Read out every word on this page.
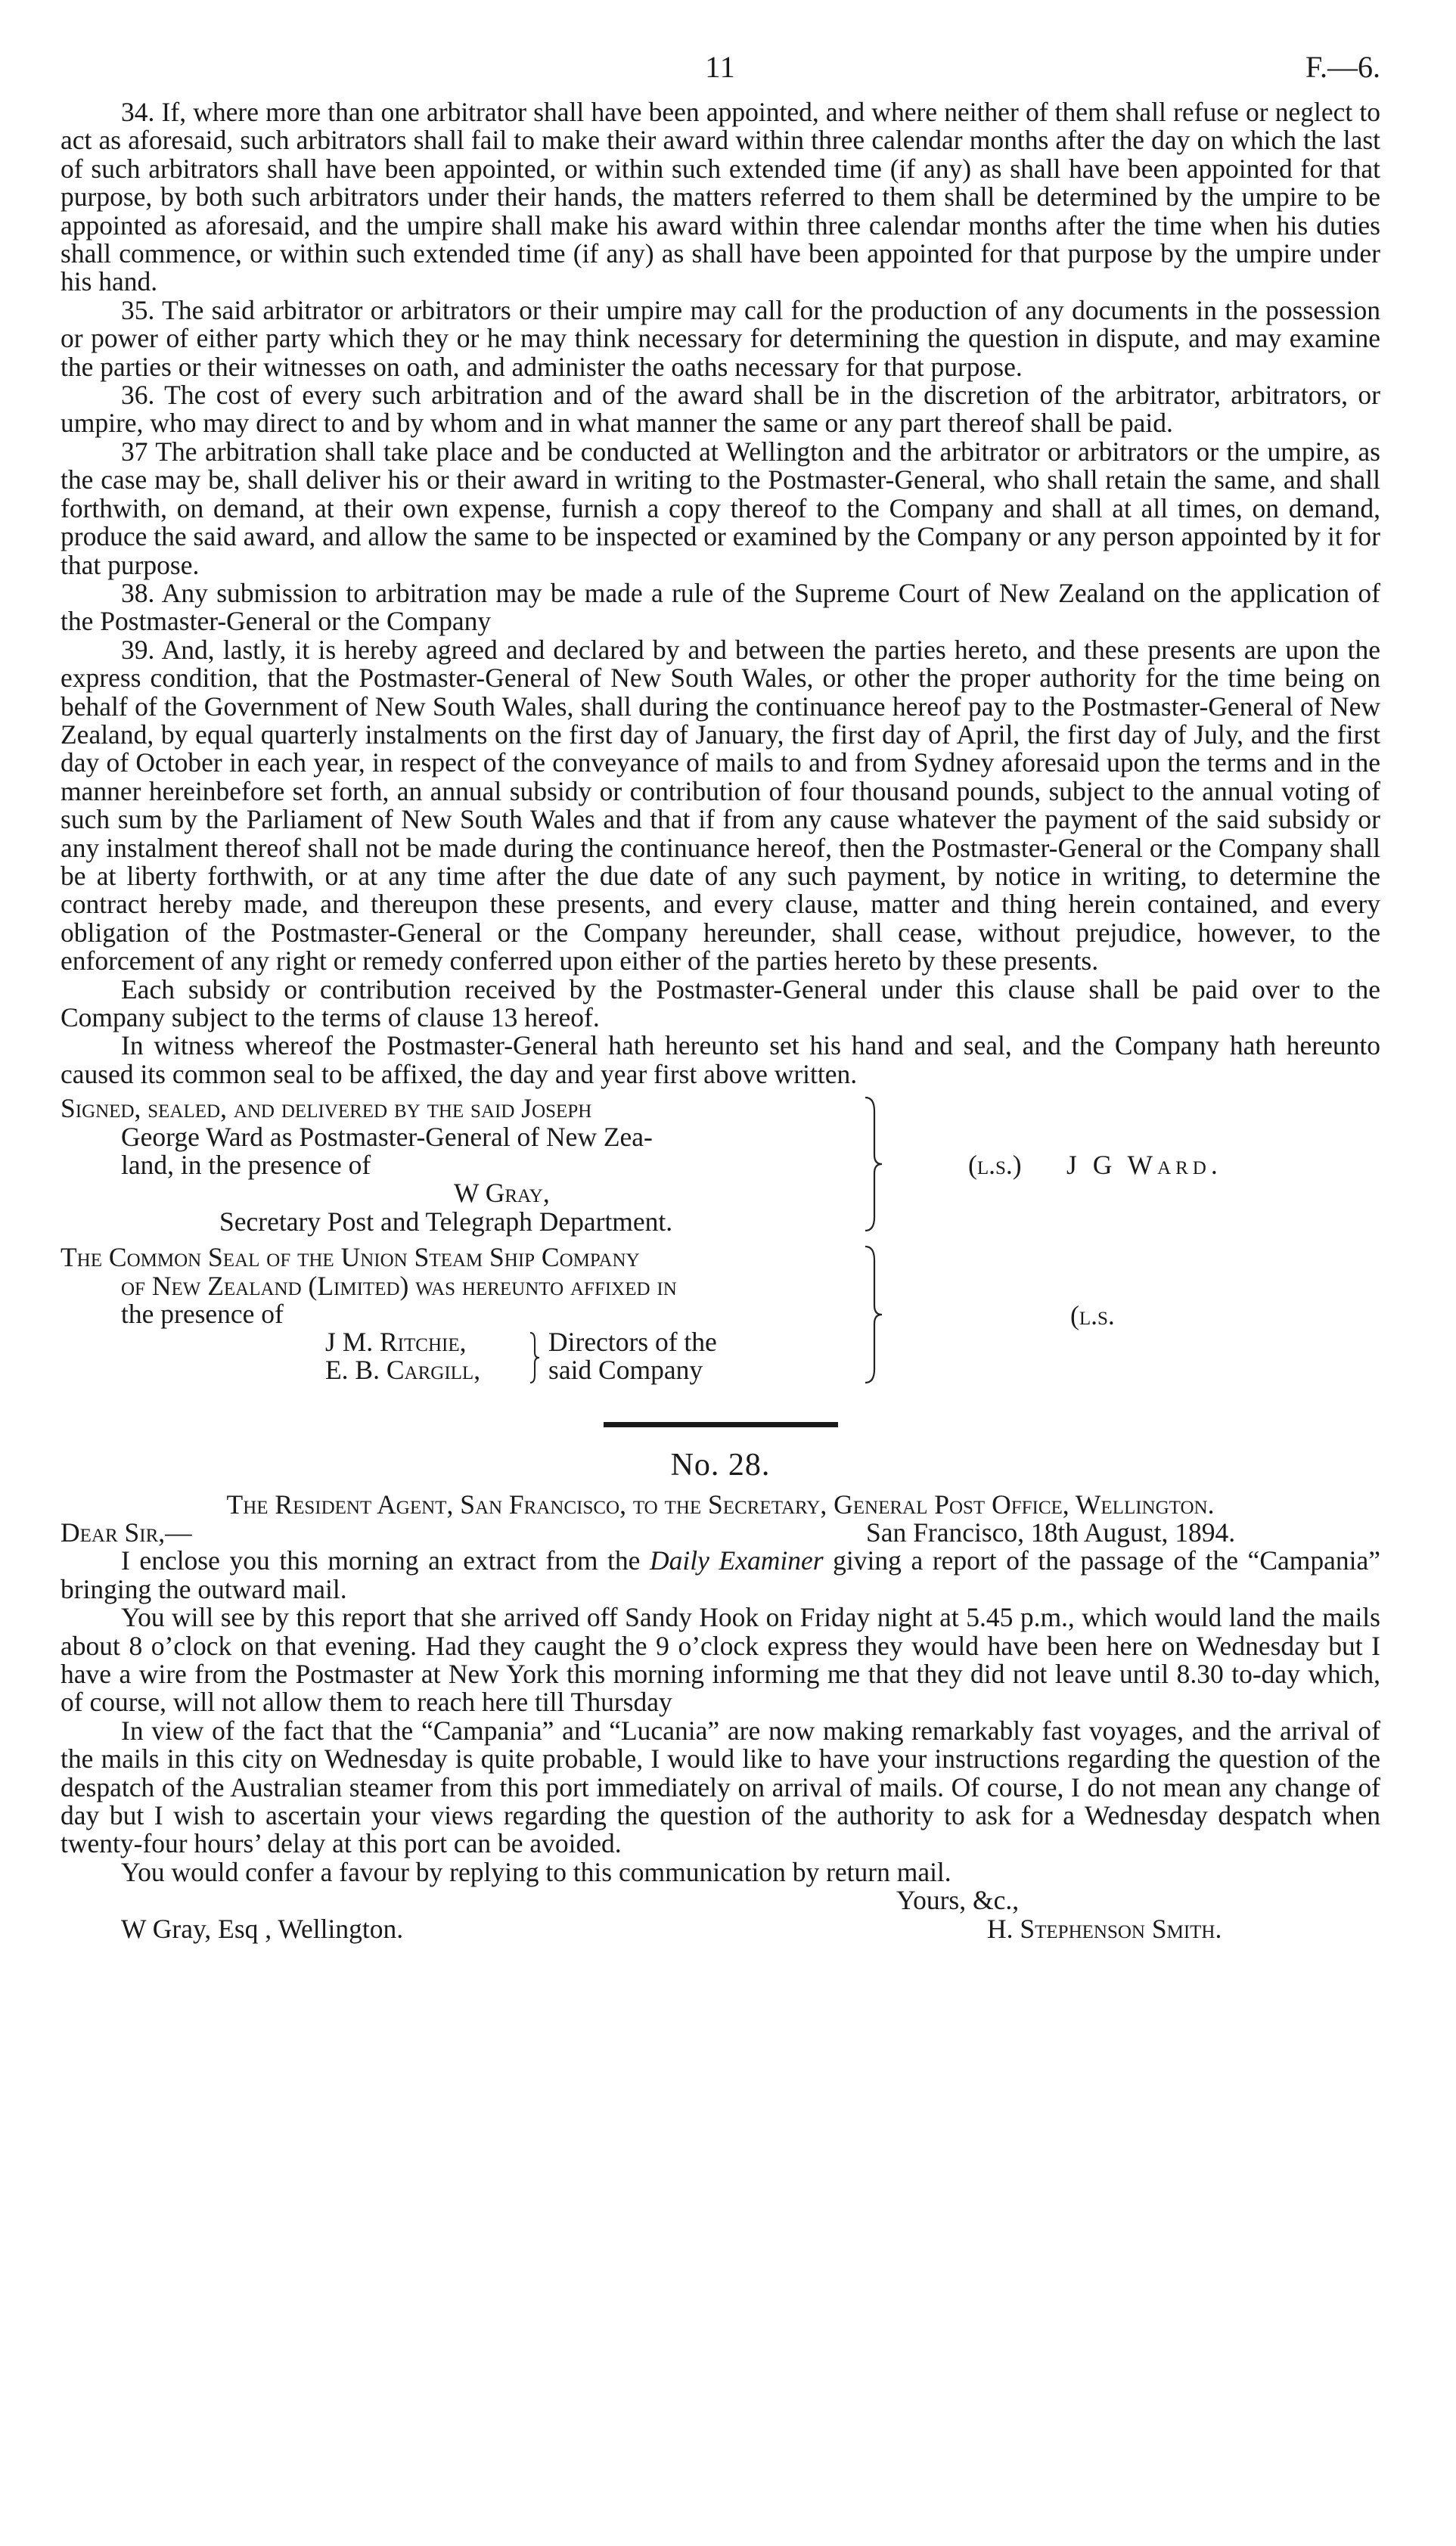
11	F.—6.

34. If, where more than one arbitrator shall have been appointed, and where neither of them shall refuse or neglect to act as aforesaid, such arbitrators shall fail to make their award within three calendar months after the day on which the last of such arbitrators shall have been appointed, or within such extended time (if any) as shall have been appointed for that purpose, by both such arbitrators under their hands, the matters referred to them shall be determined by the umpire to be appointed as aforesaid, and the umpire shall make his award within three calendar months after the time when his duties shall commence, or within such extended time (if any) as shall have been appointed for that purpose by the umpire under his hand.

35. The said arbitrator or arbitrators or their umpire may call for the production of any documents in the possession or power of either party which they or he may think necessary for determining the question in dispute, and may examine the parties or their witnesses on oath, and administer the oaths necessary for that purpose.

36. The cost of every such arbitration and of the award shall be in the discretion of the arbitrator, arbitrators, or umpire, who may direct to and by whom and in what manner the same or any part thereof shall be paid.

37 The arbitration shall take place and be conducted at Wellington and the arbitrator or arbitrators or the umpire, as the case may be, shall deliver his or their award in writing to the Postmaster-General, who shall retain the same, and shall forthwith, on demand, at their own expense, furnish a copy thereof to the Company and shall at all times, on demand, produce the said award, and allow the same to be inspected or examined by the Company or any person appointed by it for that purpose.

38. Any submission to arbitration may be made a rule of the Supreme Court of New Zealand on the application of the Postmaster-General or the Company

39. And, lastly, it is hereby agreed and declared by and between the parties hereto, and these presents are upon the express condition, that the Postmaster-General of New South Wales, or other the proper authority for the time being on behalf of the Government of New South Wales, shall during the continuance hereof pay to the Postmaster-General of New Zealand, by equal quarterly instalments on the first day of January, the first day of April, the first day of July, and the first day of October in each year, in respect of the conveyance of mails to and from Sydney aforesaid upon the terms and in the manner hereinbefore set forth, an annual subsidy or contribution of four thousand pounds, subject to the annual voting of such sum by the Parliament of New South Wales and that if from any cause whatever the payment of the said subsidy or any instalment thereof shall not be made during the continuance hereof, then the Postmaster-General or the Company shall be at liberty forthwith, or at any time after the due date of any such payment, by notice in writing, to determine the contract hereby made, and thereupon these presents, and every clause, matter and thing herein contained, and every obligation of the Postmaster-General or the Company hereunder, shall cease, without prejudice, however, to the enforcement of any right or remedy conferred upon either of the parties hereto by these presents.

Each subsidy or contribution received by the Postmaster-General under this clause shall be paid over to the Company subject to the terms of clause 13 hereof.

In witness whereof the Postmaster-General hath hereunto set his hand and seal, and the Company hath hereunto caused its common seal to be affixed, the day and year first above written.

Signed, sealed, and delivered by the said Joseph
George Ward as Postmaster-General of New Zea-
land, in the presence of
W Gray,
Secretary Post and Telegraph Department.
(l.s.) J G Ward.
The Common Seal of the Union Steam Ship Company
of New Zealand (Limited) was hereunto affixed in
the presence of
J M. Ritchie,
E. B. Cargill,
Directors of the
said Company
(l.s.
No. 28.

The Resident Agent, San Francisco, to the Secretary, General Post Office, Wellington.

Dear Sir,—	San Francisco, 18th August, 1894.

I enclose you this morning an extract from the Daily Examiner giving a report of the passage of the “Campania” bringing the outward mail.

You will see by this report that she arrived off Sandy Hook on Friday night at 5.45 p.m., which would land the mails about 8 o’clock on that evening. Had they caught the 9 o’clock express they would have been here on Wednesday but I have a wire from the Postmaster at New York this morning informing me that they did not leave until 8.30 to-day which, of course, will not allow them to reach here till Thursday

In view of the fact that the “Campania” and “Lucania” are now making remarkably fast voyages, and the arrival of the mails in this city on Wednesday is quite probable, I would like to have your instructions regarding the question of the despatch of the Australian steamer from this port immediately on arrival of mails. Of course, I do not mean any change of day but I wish to ascertain your views regarding the question of the authority to ask for a Wednesday despatch when twenty-four hours’ delay at this port can be avoided.

You would confer a favour by replying to this communication by return mail.

Yours, &c.,
W Gray, Esq , Wellington.	H. Stephenson Smith.
